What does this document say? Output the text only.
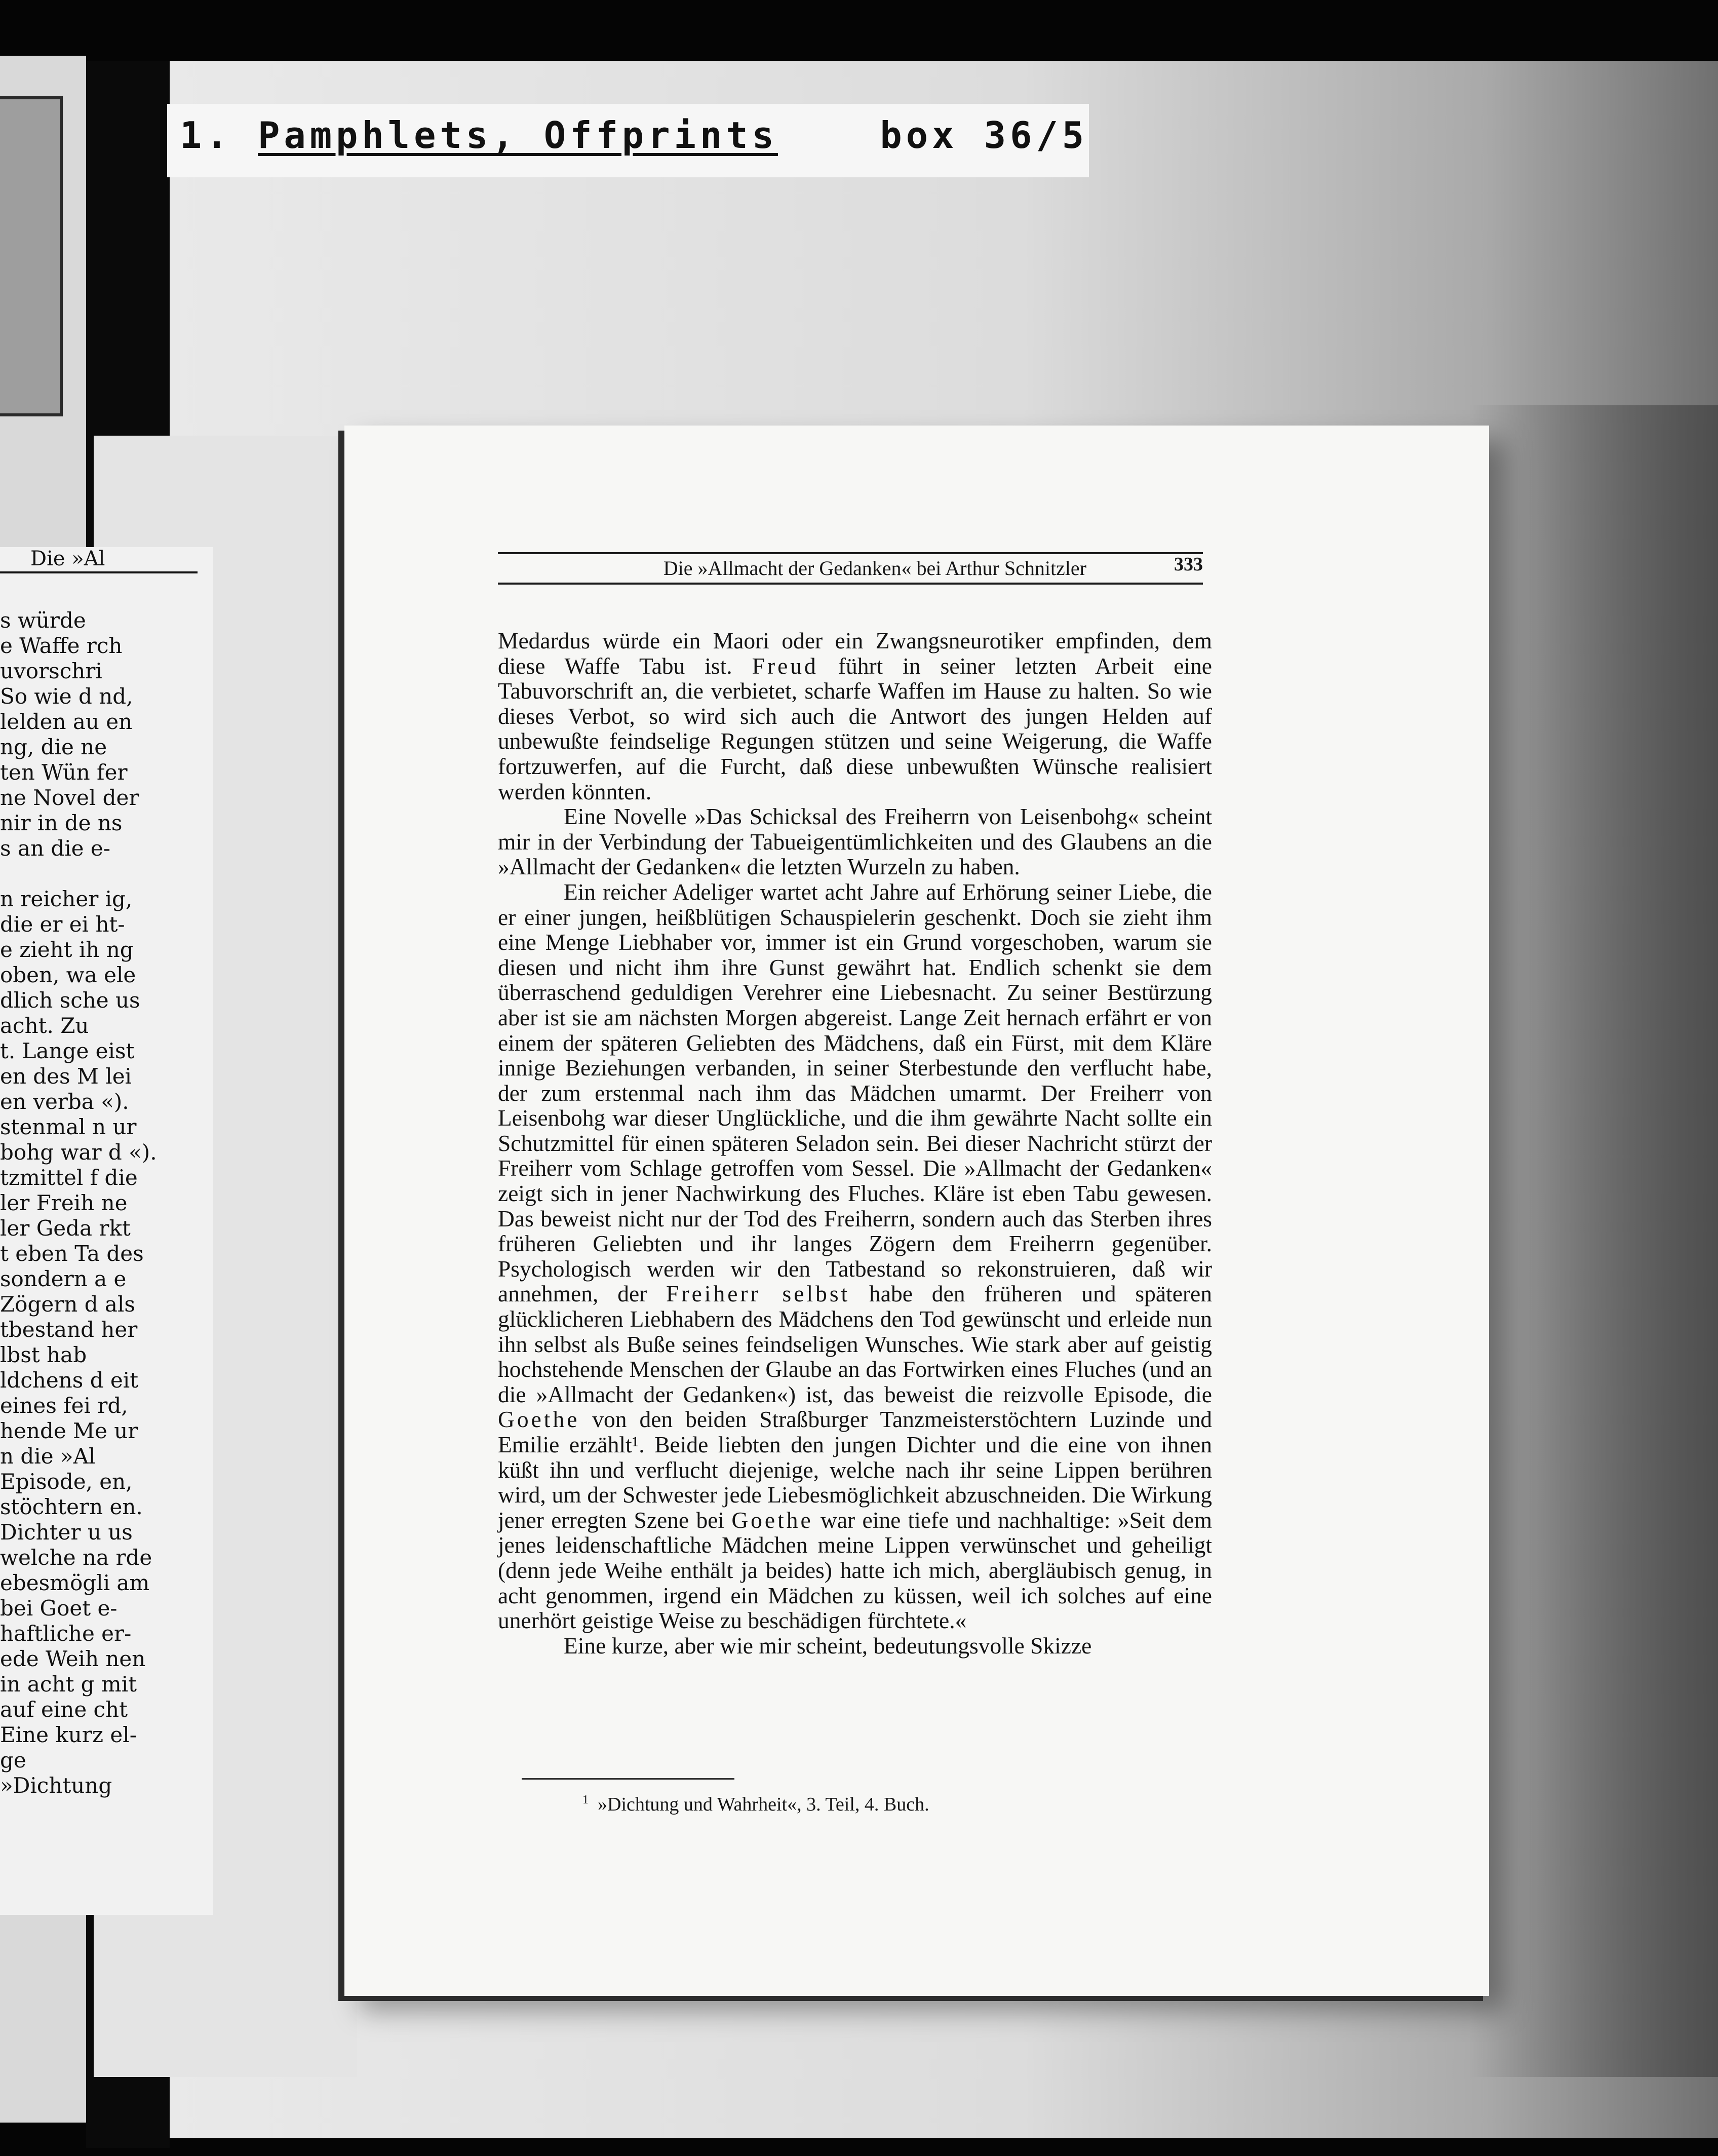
Die »Al
s würde
e Waffe rch
uvorschri
So wie d nd,
lelden au en
ng, die ne
ten Wün fer
ne Novel der
nir in de ns
s an die e-
n reicher ig,
die er ei ht-
e zieht ih ng
oben, wa ele
dlich sche us
acht. Zu
t. Lange eist
en des M lei
en verba «).
stenmal n ur
bohg war d «).
tzmittel f die
ler Freih ne
ler Geda rkt
t eben Ta des
sondern a e
Zögern d als
tbestand her
lbst hab
ldchens d eit
eines fei rd,
hende Me ur
n die »Al
Episode, en,
stöchtern en.
Dichter u us
welche na rde
ebesmögli am
bei Goet e-
haftliche er-
ede Weih nen
in acht g mit
auf eine cht
Eine kurz el-
ge
»Dichtung
1. Pamphlets, Offprints	box 36/5
Die »Allmacht der Gedanken« bei Arthur Schnitzler	333

Medardus würde ein Maori oder ein Zwangsneurotiker empfinden, dem diese Waffe Tabu ist. Freud führt in seiner letzten Arbeit eine Tabuvorschrift an, die verbietet, scharfe Waffen im Hause zu halten. So wie dieses Verbot, so wird sich auch die Antwort des jungen Helden auf unbewußte feindselige Regungen stützen und seine Weigerung, die Waffe fortzuwerfen, auf die Furcht, daß diese unbewußten Wünsche realisiert werden könnten.

Eine Novelle »Das Schicksal des Freiherrn von Leisenbohg« scheint mir in der Verbindung der Tabueigentümlichkeiten und des Glaubens an die »Allmacht der Gedanken« die letzten Wurzeln zu haben.

Ein reicher Adeliger wartet acht Jahre auf Erhörung seiner Liebe, die er einer jungen, heißblütigen Schauspielerin geschenkt. Doch sie zieht ihm eine Menge Liebhaber vor, immer ist ein Grund vorgeschoben, warum sie diesen und nicht ihm ihre Gunst gewährt hat. Endlich schenkt sie dem überraschend geduldigen Verehrer eine Liebesnacht. Zu seiner Bestürzung aber ist sie am nächsten Morgen abgereist. Lange Zeit hernach erfährt er von einem der späteren Geliebten des Mädchens, daß ein Fürst, mit dem Kläre innige Beziehungen verbanden, in seiner Sterbestunde den verflucht habe, der zum erstenmal nach ihm das Mädchen umarmt. Der Freiherr von Leisenbohg war dieser Unglückliche, und die ihm gewährte Nacht sollte ein Schutzmittel für einen späteren Seladon sein. Bei dieser Nachricht stürzt der Freiherr vom Schlage getroffen vom Sessel. Die »Allmacht der Gedanken« zeigt sich in jener Nachwirkung des Fluches. Kläre ist eben Tabu gewesen. Das beweist nicht nur der Tod des Freiherrn, sondern auch das Sterben ihres früheren Geliebten und ihr langes Zögern dem Freiherrn gegenüber. Psychologisch werden wir den Tatbestand so rekonstruieren, daß wir annehmen, der Freiherr selbst habe den früheren und späteren glücklicheren Liebhabern des Mädchens den Tod gewünscht und erleide nun ihn selbst als Buße seines feindseligen Wunsches. Wie stark aber auf geistig hochstehende Menschen der Glaube an das Fortwirken eines Fluches (und an die »Allmacht der Gedanken«) ist, das beweist die reizvolle Episode, die Goethe von den beiden Straßburger Tanzmeisterstöchtern Luzinde und Emilie erzählt¹. Beide liebten den jungen Dichter und die eine von ihnen küßt ihn und verflucht diejenige, welche nach ihr seine Lippen berühren wird, um der Schwester jede Liebesmöglichkeit abzuschneiden. Die Wirkung jener erregten Szene bei Goethe war eine tiefe und nachhaltige: »Seit dem jenes leidenschaftliche Mädchen meine Lippen verwünschet und geheiligt (denn jede Weihe enthält ja beides) hatte ich mich, abergläubisch genug, in acht genommen, irgend ein Mädchen zu küssen, weil ich solches auf eine unerhört geistige Weise zu beschädigen fürchtete.«

Eine kurze, aber wie mir scheint, bedeutungsvolle Skizze

$^1$ »Dichtung und Wahrheit«, 3. Teil, 4. Buch.
